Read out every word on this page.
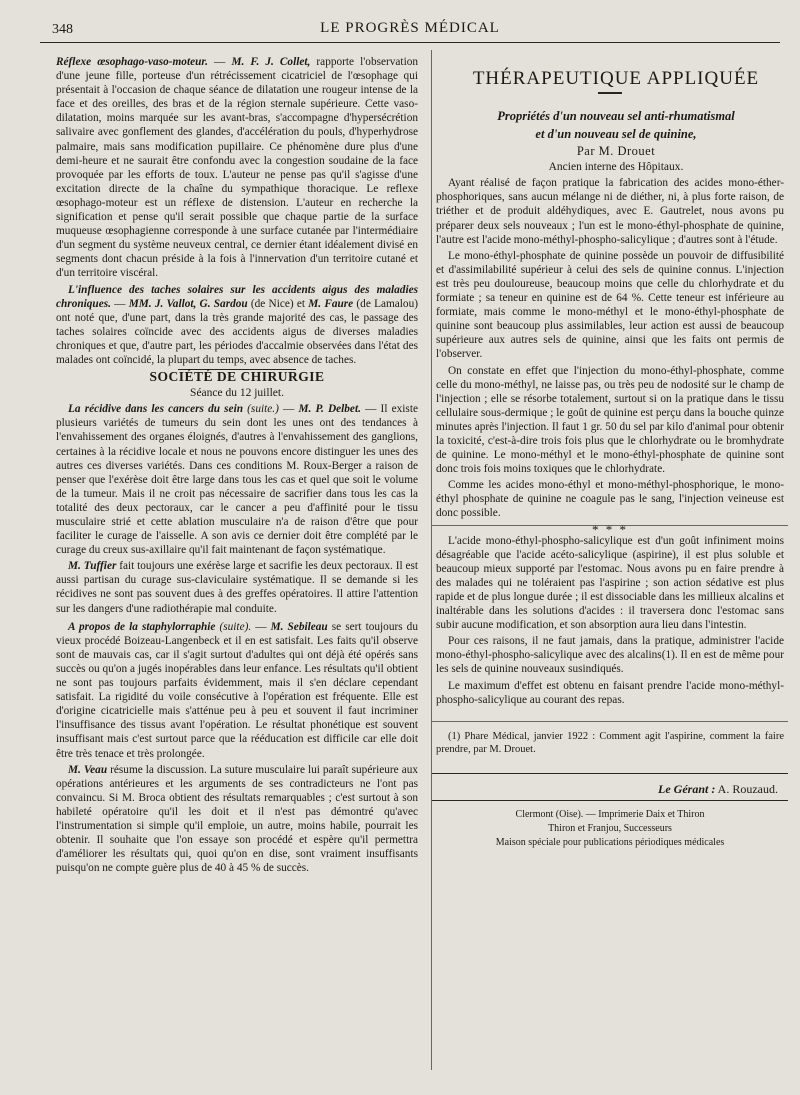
348	LE PROGRÈS MÉDICAL

Réflexe œsophago-vaso-moteur. — M. F. J. Collet, rapporte l'observation d'une jeune fille, porteuse d'un rétrécissement cicatriciel de l'œsophage qui présentait à l'occasion de chaque séance de dilatation une rougeur intense de la face et des oreilles, des bras et de la région sternale supérieure. Cette vaso-dilatation, moins marquée sur les avant-bras, s'accompagne d'hypersécrétion salivaire avec gonflement des glandes, d'accélération du pouls, d'hyperhydrose palmaire, mais sans modification pupillaire. Ce phénomène dure plus d'une demi-heure et ne saurait être confondu avec la congestion soudaine de la face provoquée par les efforts de toux. L'auteur ne pense pas qu'il s'agisse d'une excitation directe de la chaîne du sympathique thoracique. Le reflexe œsophago-moteur est un réflexe de distension. L'auteur en recherche la signification et pense qu'il serait possible que chaque partie de la surface muqueuse œsophagienne corresponde à une surface cutanée par l'intermédiaire d'un segment du système neuveux central, ce dernier étant idéalement divisé en segments dont chacun préside à la fois à l'innervation d'un territoire cutané et d'un territoire viscéral.

L'influence des taches solaires sur les accidents aigus des maladies chroniques. — MM. J. Vallot, G. Sardou (de Nice) et M. Faure (de Lamalou) ont noté que, d'une part, dans la très grande majorité des cas, le passage des taches solaires coïncide avec des accidents aigus de diverses maladies chroniques et que, d'autre part, les périodes d'accalmie observées dans l'état des malades ont coïncidé, la plupart du temps, avec absence de taches.

SOCIÉTÉ DE CHIRURGIE

Séance du 12 juillet.

La récidive dans les cancers du sein (suite.) — M. P. Delbet. — Il existe plusieurs variétés de tumeurs du sein dont les unes ont des tendances à l'envahissement des organes éloignés, d'autres à l'envahissement des ganglions, certaines à la récidive locale et nous ne pouvons encore distinguer les unes des autres ces diverses variétés. Dans ces conditions M. Roux-Berger a raison de penser que l'exérèse doit être large dans tous les cas et quel que soit le volume de la tumeur. Mais il ne croit pas nécessaire de sacrifier dans tous les cas la totalité des deux pectoraux, car le cancer a peu d'affinité pour le tissu musculaire strié et cette ablation musculaire n'a de raison d'être que pour faciliter le curage de l'aisselle. A son avis ce dernier doit être complété par le curage du creux sus-axillaire qu'il fait maintenant de façon systématique.

M. Tuffier fait toujours une exérèse large et sacrifie les deux pectoraux. Il est aussi partisan du curage sus-claviculaire systématique. Il se demande si les récidives ne sont pas souvent dues à des greffes opératoires. Il attire l'attention sur les dangers d'une radiothérapie mal conduite.

A propos de la staphylorraphie (suite). — M. Sebileau se sert toujours du vieux procédé Boizeau-Langenbeck et il en est satisfait. Les faits qu'il observe sont de mauvais cas, car il s'agit surtout d'adultes qui ont déjà été opérés sans succès ou qu'on a jugés inopérables dans leur enfance. Les résultats qu'il obtient ne sont pas toujours parfaits évidemment, mais il s'en déclare cependant satisfait. La rigidité du voile consécutive à l'opération est fréquente. Elle est d'origine cicatricielle mais s'atténue peu à peu et souvent il faut incriminer l'insuffisance des tissus avant l'opération. Le résultat phonétique est souvent insuffisant mais c'est surtout parce que la rééducation est difficile car elle doit être très tenace et très prolongée.

M. Veau résume la discussion. La suture musculaire lui paraît supérieure aux opérations antérieures et les arguments de ses contradicteurs ne l'ont pas convaincu. Si M. Broca obtient des résultats remarquables ; c'est surtout à son habileté opératoire qu'il les doit et il n'est pas démontré qu'avec l'instrumentation si simple qu'il emploie, un autre, moins habile, pourrait les obtenir. Il souhaite que l'on essaye son procédé et espère qu'il permettra d'améliorer les résultats qui, quoi qu'on en dise, sont vraiment insuffisants puisqu'on ne compte guère plus de 40 à 45 % de succès.

THÉRAPEUTIQUE APPLIQUÉE

Propriétés d'un nouveau sel anti-rhumatismal

et d'un nouveau sel de quinine,

Par M. Drouet

Ancien interne des Hôpitaux.

Ayant réalisé de façon pratique la fabrication des acides mono-éther-phosphoriques, sans aucun mélange ni de diéther, ni, à plus forte raison, de triéther et de produit aldéhydiques, avec E. Gautrelet, nous avons pu préparer deux sels nouveaux ; l'un est le mono-éthyl-phosphate de quinine, l'autre est l'acide mono-méthyl-phospho-salicylique ; d'autres sont à l'étude.

Le mono-éthyl-phosphate de quinine possède un pouvoir de diffusibilité et d'assimilabilité supérieur à celui des sels de quinine connus. L'injection est très peu douloureuse, beaucoup moins que celle du chlorhydrate et du formiate ; sa teneur en quinine est de 64 %. Cette teneur est inférieure au formiate, mais comme le mono-méthyl et le mono-éthyl-phosphate de quinine sont beaucoup plus assimilables, leur action est aussi de beaucoup supérieure aux autres sels de quinine, ainsi que les faits ont permis de l'observer.

On constate en effet que l'injection du mono-éthyl-phosphate, comme celle du mono-méthyl, ne laisse pas, ou très peu de nodosité sur le champ de l'injection ; elle se résorbe totalement, surtout si on la pratique dans le tissu cellulaire sous-dermique ; le goût de quinine est perçu dans la bouche quinze minutes après l'injection. Il faut 1 gr. 50 du sel par kilo d'animal pour obtenir la toxicité, c'est-à-dire trois fois plus que le chlorhydrate ou le bromhydrate de quinine. Le mono-méthyl et le mono-éthyl-phosphate de quinine sont donc trois fois moins toxiques que le chlorhydrate.

Comme les acides mono-éthyl et mono-méthyl-phosphorique, le mono-éthyl phosphate de quinine ne coagule pas le sang, l'injection veineuse est donc possible.

* * *

L'acide mono-éthyl-phospho-salicylique est d'un goût infiniment moins désagréable que l'acide acéto-salicylique (aspirine), il est plus soluble et beaucoup mieux supporté par l'estomac. Nous avons pu en faire prendre à des malades qui ne toléraient pas l'aspirine ; son action sédative est plus rapide et de plus longue durée ; il est dissociable dans les millieux alcalins et inaltérable dans les solutions d'acides : il traversera donc l'estomac sans subir aucune modification, et son absorption aura lieu dans l'intestin.

Pour ces raisons, il ne faut jamais, dans la pratique, administrer l'acide mono-éthyl-phospho-salicylique avec des alcalins(1). Il en est de même pour les sels de quinine nouveaux susindiqués.

Le maximum d'effet est obtenu en faisant prendre l'acide mono-méthyl-phospho-salicylique au courant des repas.

(1) Phare Médical, janvier 1922 : Comment agit l'aspirine, comment la faire prendre, par M. Drouet.

Le Gérant : A. Rouzaud.

Clermont (Oise). — Imprimerie Daix et Thiron

Thiron et Franjou, Successeurs

Maison spéciale pour publications périodiques médicales
